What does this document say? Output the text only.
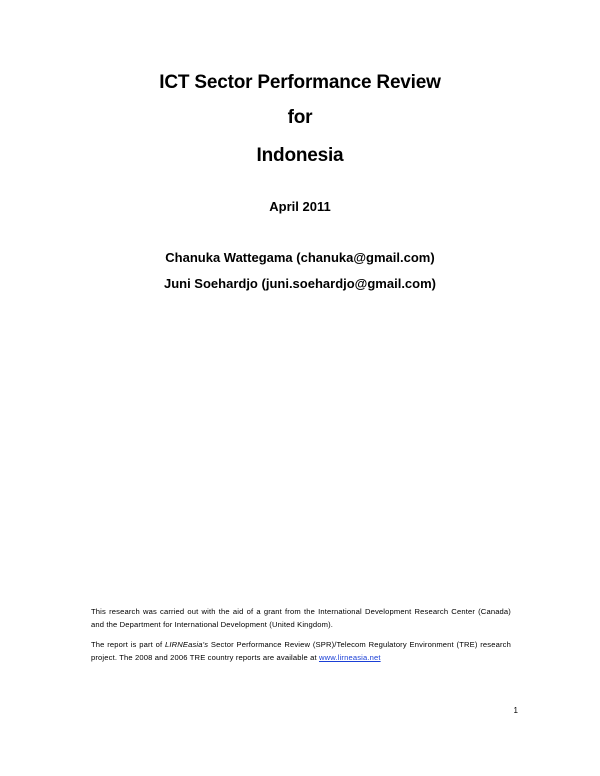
ICT Sector Performance Review
for
Indonesia
April 2011
Chanuka Wattegama (chanuka@gmail.com)
Juni Soehardjo (juni.soehardjo@gmail.com)
This research was carried out with the aid of a grant from the International Development Research Center (Canada) and the Department for International Development (United Kingdom).
The report is part of LIRNEasia's Sector Performance Review (SPR)/Telecom Regulatory Environment (TRE) research project. The 2008 and 2006 TRE country reports are available at www.lirneasia.net
1
